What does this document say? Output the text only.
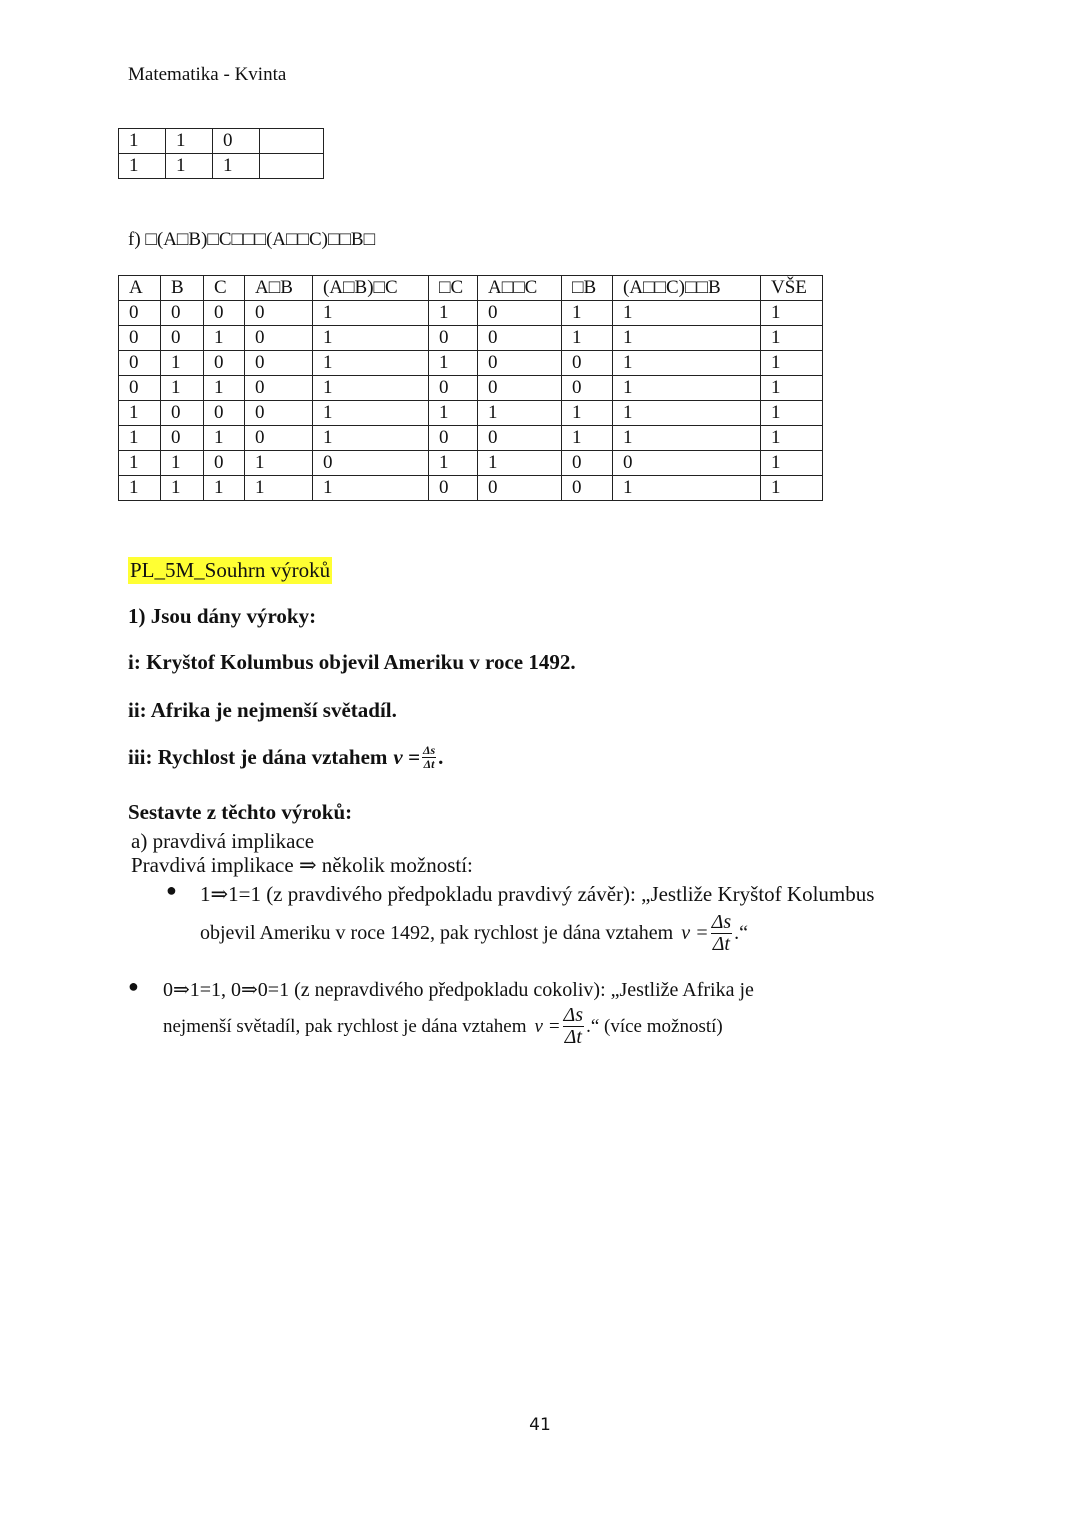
Matematika - Kvinta
1	1	0	
1	1	1	
f) □(A□B)□C□□□(A□□C)□□B□
A	B	C	A□B	(A□B)□C	□C	A□□C	□B	(A□□C)□□B	VŠE
0	0	0	0	1	1	0	1	1	1
0	0	1	0	1	0	0	1	1	1
0	1	0	0	1	1	0	0	1	1
0	1	1	0	1	0	0	0	1	1
1	0	0	0	1	1	1	1	1	1
1	0	1	0	1	0	0	1	1	1
1	1	0	1	0	1	1	0	0	1
1	1	1	1	1	0	0	0	1	1
PL_5M_Souhrn výroků
1) Jsou dány výroky:
i: Kryštof Kolumbus objevil Ameriku v roce 1492.
ii: Afrika je nejmenší světadíl.
iii: Rychlost je dána vztahem $v = \frac{\Delta s}{\Delta t}$ .
Sestavte z těchto výroků:
a) pravdivá implikace
Pravdivá implikace ⇒ několik možností:
● 1⇒1=1 (z pravdivého předpokladu pravdivý závěr): „Jestliže Kryštof Kolumbus
objevil Ameriku v roce 1492, pak rychlost je dána vztahem $v = \frac{\Delta s}{\Delta t}$ .“
● 0⇒1=1, 0⇒0=1 (z nepravdivého předpokladu cokoliv): „Jestliže Afrika je
nejmenší světadíl, pak rychlost je dána vztahem $v = \frac{\Delta s}{\Delta t}$ .“ (více možností)
41
